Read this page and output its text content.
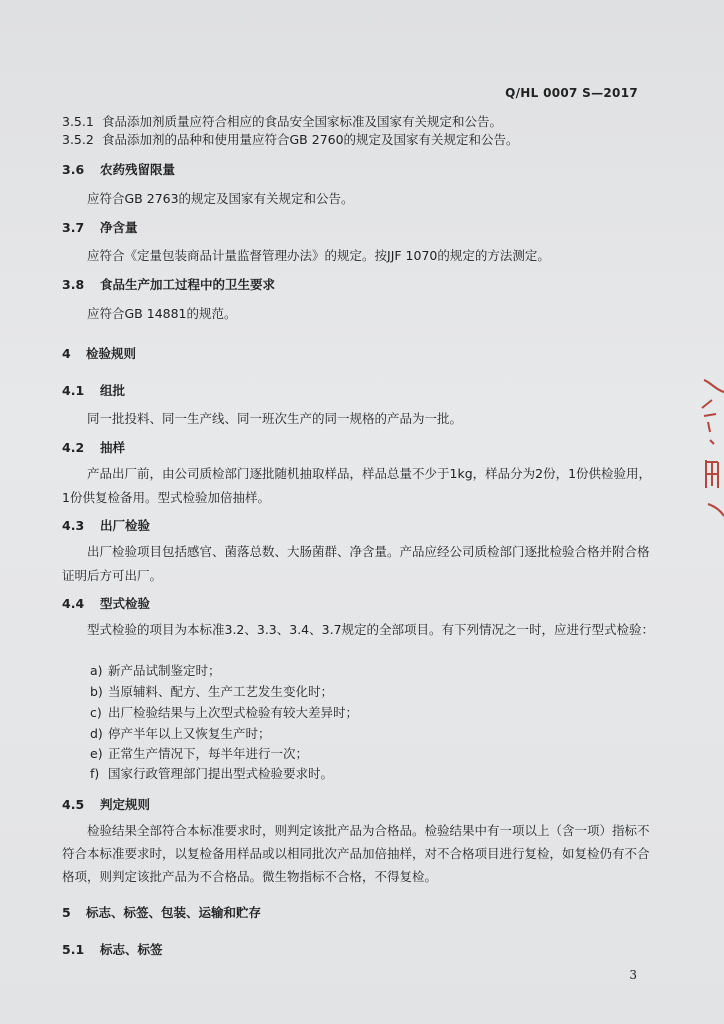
Q/HL 0007 S—2017
3.5.1 食品添加剂质量应符合相应的食品安全国家标准及国家有关规定和公告。
3.5.2 食品添加剂的品种和使用量应符合GB 2760的规定及国家有关规定和公告。
3.6 农药残留限量
应符合GB 2763的规定及国家有关规定和公告。
3.7 净含量
应符合《定量包装商品计量监督管理办法》的规定。按JJF 1070的规定的方法测定。
3.8 食品生产加工过程中的卫生要求
应符合GB 14881的规范。
4 检验规则
4.1 组批
同一批投料、同一生产线、同一班次生产的同一规格的产品为一批。
4.2 抽样
产品出厂前，由公司质检部门逐批随机抽取样品，样品总量不少于1kg，样品分为2份，1份供检验用，1份供复检备用。型式检验加倍抽样。
4.3 出厂检验
出厂检验项目包括感官、菌落总数、大肠菌群、净含量。产品应经公司质检部门逐批检验合格并附合格证明后方可出厂。
4.4 型式检验
型式检验的项目为本标准3.2、3.3、3.4、3.7规定的全部项目。有下列情况之一时，应进行型式检验：
a) 新产品试制鉴定时；
b) 当原辅料、配方、生产工艺发生变化时；
c) 出厂检验结果与上次型式检验有较大差异时；
d) 停产半年以上又恢复生产时；
e) 正常生产情况下，每半年进行一次；
f) 国家行政管理部门提出型式检验要求时。
4.5 判定规则
检验结果全部符合本标准要求时，则判定该批产品为合格品。检验结果中有一项以上（含一项）指标不符合本标准要求时，以复检备用样品或以相同批次产品加倍抽样，对不合格项目进行复检，如复检仍有不合格项，则判定该批产品为不合格品。微生物指标不合格，不得复检。
5 标志、标签、包装、运输和贮存
5.1 标志、标签
3
